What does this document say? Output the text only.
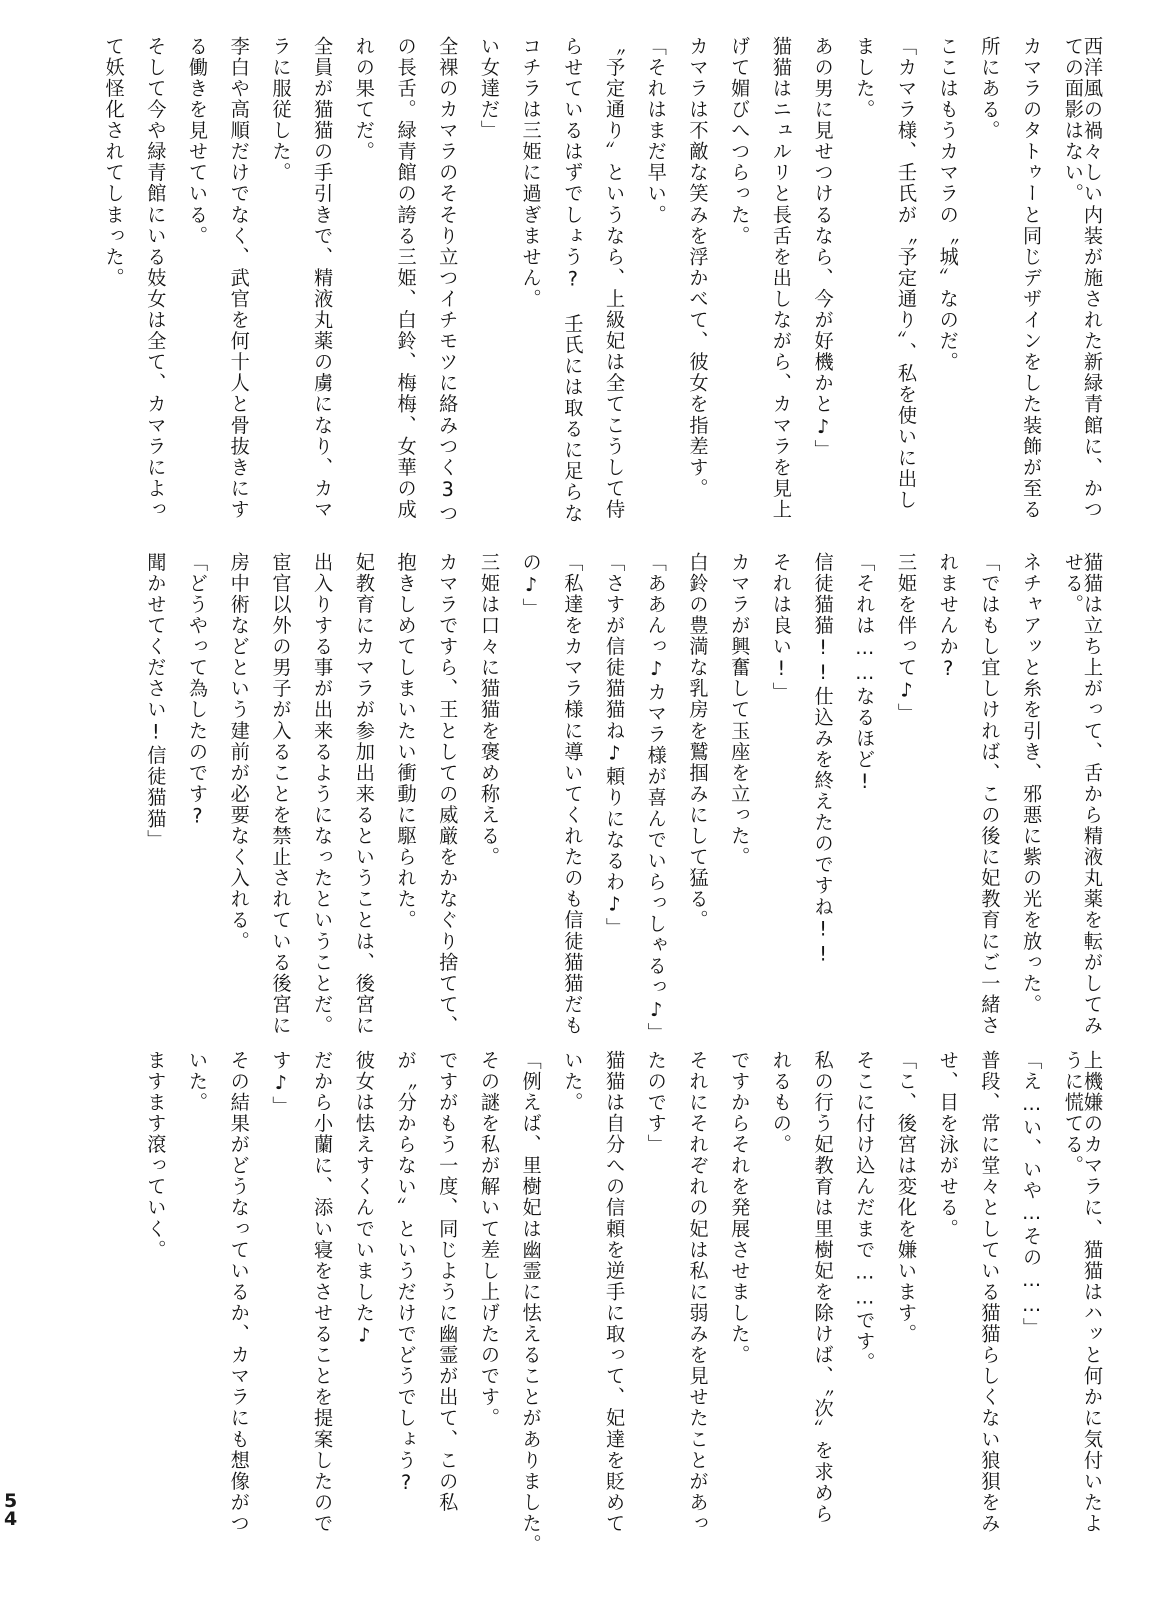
西洋風の禍々しい内装が施された新緑青館に、かつ
ての面影はない。
カマラのタトゥーと同じデザインをした装飾が至る
所にある。
ここはもうカマラの〝城〟なのだ。
「カマラ様、壬氏が〝予定通り〟、私を使いに出し
ました。
あの男に見せつけるなら、今が好機かと♪」
猫猫はニュルリと長舌を出しながら、カマラを見上
げて媚びへつらった。
カマラは不敵な笑みを浮かべて、彼女を指差す。
「それはまだ早い。
〝予定通り〟というなら、上級妃は全てこうして侍
らせているはずでしょう?　壬氏には取るに足らな
コチラは三姫に過ぎません。
い女達だ」
全裸のカマラのそそり立つイチモツに絡みつく3つ
の長舌。緑青館の誇る三姫、白鈴、梅梅、女華の成
れの果てだ。
全員が猫猫の手引きで、精液丸薬の虜になり、カマ
ラに服従した。
李白や高順だけでなく、武官を何十人と骨抜きにす
る働きを見せている。
そして今や緑青館にいる妓女は全て、カマラによっ
て妖怪化されてしまった。
猫猫は立ち上がって、舌から精液丸薬を転がしてみ
せる。
ネチャアッと糸を引き、邪悪に紫の光を放った。
「ではもし宜しければ、この後に妃教育にご一緒さ
れませんか?
三姫を伴って♪」
「それは……なるほど!
信徒猫猫!!仕込みを終えたのですね!!
それは良い!」
カマラが興奮して玉座を立った。
白鈴の豊満な乳房を鷲掴みにして猛る。
「ああんっ♪カマラ様が喜んでいらっしゃるっ♪」
「さすが信徒猫猫ね♪頼りになるわ♪」
「私達をカマラ様に導いてくれたのも信徒猫猫だも
の♪」
三姫は口々に猫猫を褒め称える。
カマラですら、王としての威厳をかなぐり捨てて、
抱きしめてしまいたい衝動に駆られた。
妃教育にカマラが参加出来るということは、後宮に
出入りする事が出来るようになったということだ。
宦官以外の男子が入ることを禁止されている後宮に
房中術などという建前が必要なく入れる。
「どうやって為したのです?
聞かせてください!信徒猫猫」
上機嫌のカマラに、猫猫はハッと何かに気付いたよ
うに慌てる。
「え…い、いや…その……」
普段、常に堂々としている猫猫らしくない狼狽をみ
せ、目を泳がせる。
「こ、後宮は変化を嫌います。
そこに付け込んだまで……です。
私の行う妃教育は里樹妃を除けば、〝次〟を求めら
れるもの。
ですからそれを発展させました。
それにそれぞれの妃は私に弱みを見せたことがあっ
たのです」
猫猫は自分への信頼を逆手に取って、妃達を貶めて
いた。
「例えば、里樹妃は幽霊に怯えることがありました。
その謎を私が解いて差し上げたのです。
ですがもう一度、同じように幽霊が出て、この私
が〝分からない〟というだけでどうでしょう?
彼女は怯えすくんでいました♪
だから小蘭に、添い寝をさせることを提案したので
す♪」
その結果がどうなっているか、カマラにも想像がつ
いた。
ますます滾っていく。
5
4
